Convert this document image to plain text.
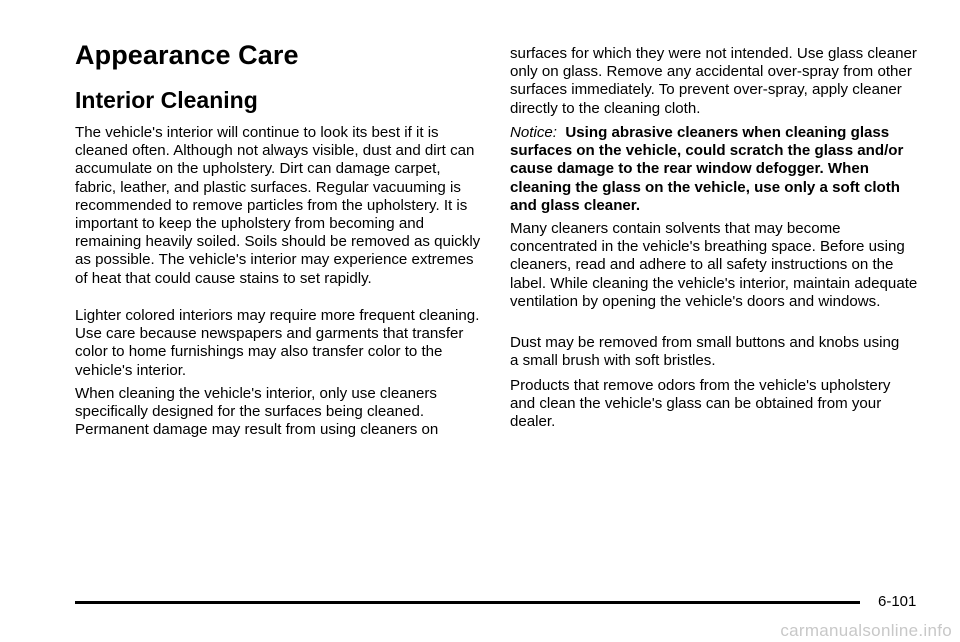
Appearance Care
Interior Cleaning

The vehicle's interior will continue to look its best if it is cleaned often. Although not always visible, dust and dirt can accumulate on the upholstery. Dirt can damage carpet, fabric, leather, and plastic surfaces. Regular vacuuming is recommended to remove particles from the upholstery. It is important to keep the upholstery from becoming and remaining heavily soiled. Soils should be removed as quickly as possible. The vehicle's interior may experience extremes of heat that could cause stains to set rapidly.

Lighter colored interiors may require more frequent cleaning. Use care because newspapers and garments that transfer color to home furnishings may also transfer color to the vehicle's interior.

When cleaning the vehicle's interior, only use cleaners specifically designed for the surfaces being cleaned. Permanent damage may result from using cleaners on

surfaces for which they were not intended. Use glass cleaner only on glass. Remove any accidental over-spray from other surfaces immediately. To prevent over-spray, apply cleaner directly to the cleaning cloth.

Notice: Using abrasive cleaners when cleaning glass surfaces on the vehicle, could scratch the glass and/or cause damage to the rear window defogger. When cleaning the glass on the vehicle, use only a soft cloth and glass cleaner.

Many cleaners contain solvents that may become concentrated in the vehicle's breathing space. Before using cleaners, read and adhere to all safety instructions on the label. While cleaning the vehicle's interior, maintain adequate ventilation by opening the vehicle's doors and windows.

Dust may be removed from small buttons and knobs using a small brush with soft bristles.

Products that remove odors from the vehicle's upholstery and clean the vehicle's glass can be obtained from your dealer.

6-101
carmanualsonline.info
